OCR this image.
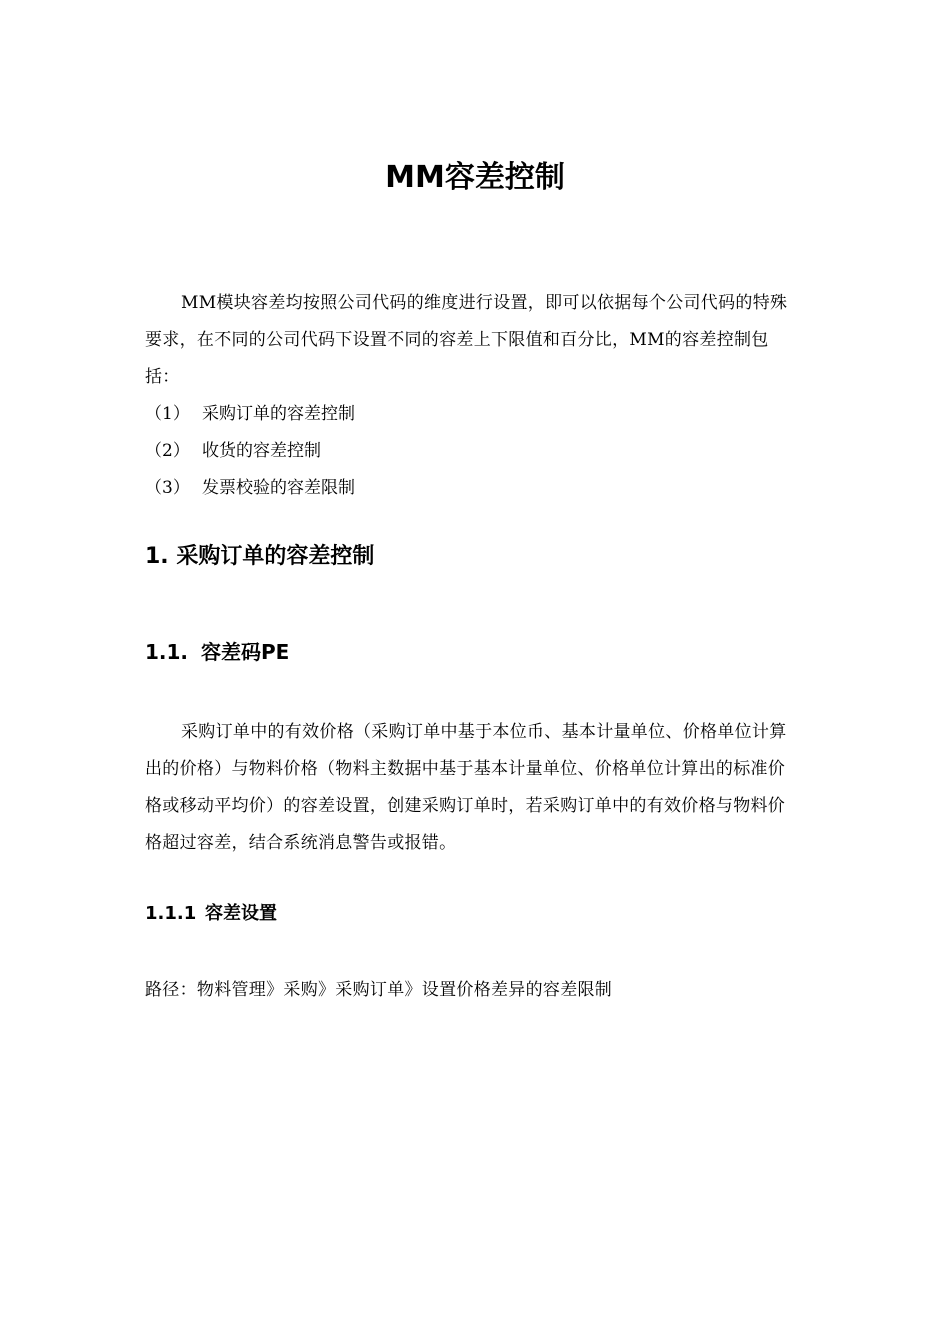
MM容差控制

MM模块容差均按照公司代码的维度进行设置，即可以依据每个公司代码的特殊要求，在不同的公司代码下设置不同的容差上下限值和百分比，MM的容差控制包括：

（1） 采购订单的容差控制
（2） 收货的容差控制
（3） 发票校验的容差限制
1. 采购订单的容差控制
1.1. 容差码PE

采购订单中的有效价格（采购订单中基于本位币、基本计量单位、价格单位计算出的价格）与物料价格（物料主数据中基于基本计量单位、价格单位计算出的标准价格或移动平均价）的容差设置，创建采购订单时，若采购订单中的有效价格与物料价格超过容差，结合系统消息警告或报错。

1.1.1 容差设置

路径：物料管理》采购》采购订单》设置价格差异的容差限制
